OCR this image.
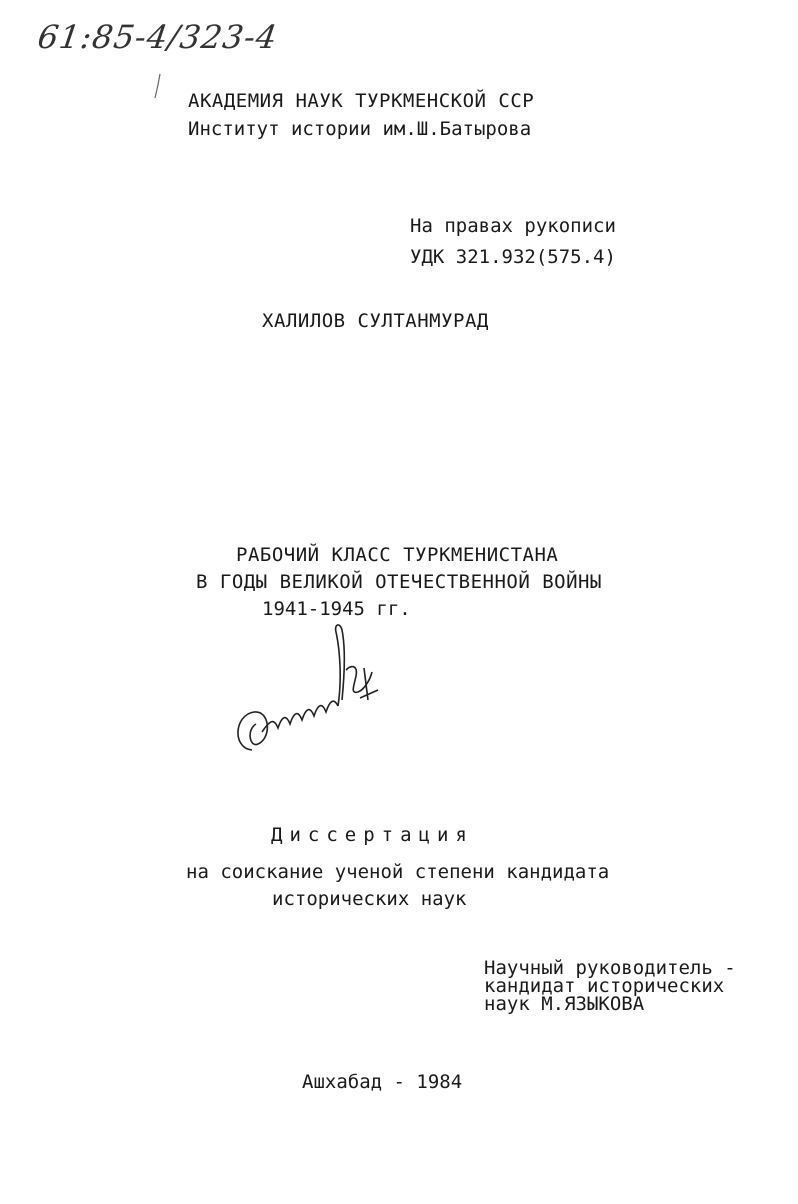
61:85-4/323-4
АКАДЕМИЯ НАУК ТУРКМЕНСКОЙ ССР
Институт истории им.Ш.Батырова
На правах рукописи
УДК 321.932(575.4)
ХАЛИЛОВ СУЛТАНМУРАД
РАБОЧИЙ КЛАСС ТУРКМЕНИСТАНА
В ГОДЫ ВЕЛИКОЙ ОТЕЧЕСТВЕННОЙ ВОЙНЫ
1941-1945 гг.
Диссертация
на соискание ученой степени кандидата
исторических наук
Научный руководитель -
кандидат исторических
наук М.ЯЗЫКОВА
Ашхабад - 1984
